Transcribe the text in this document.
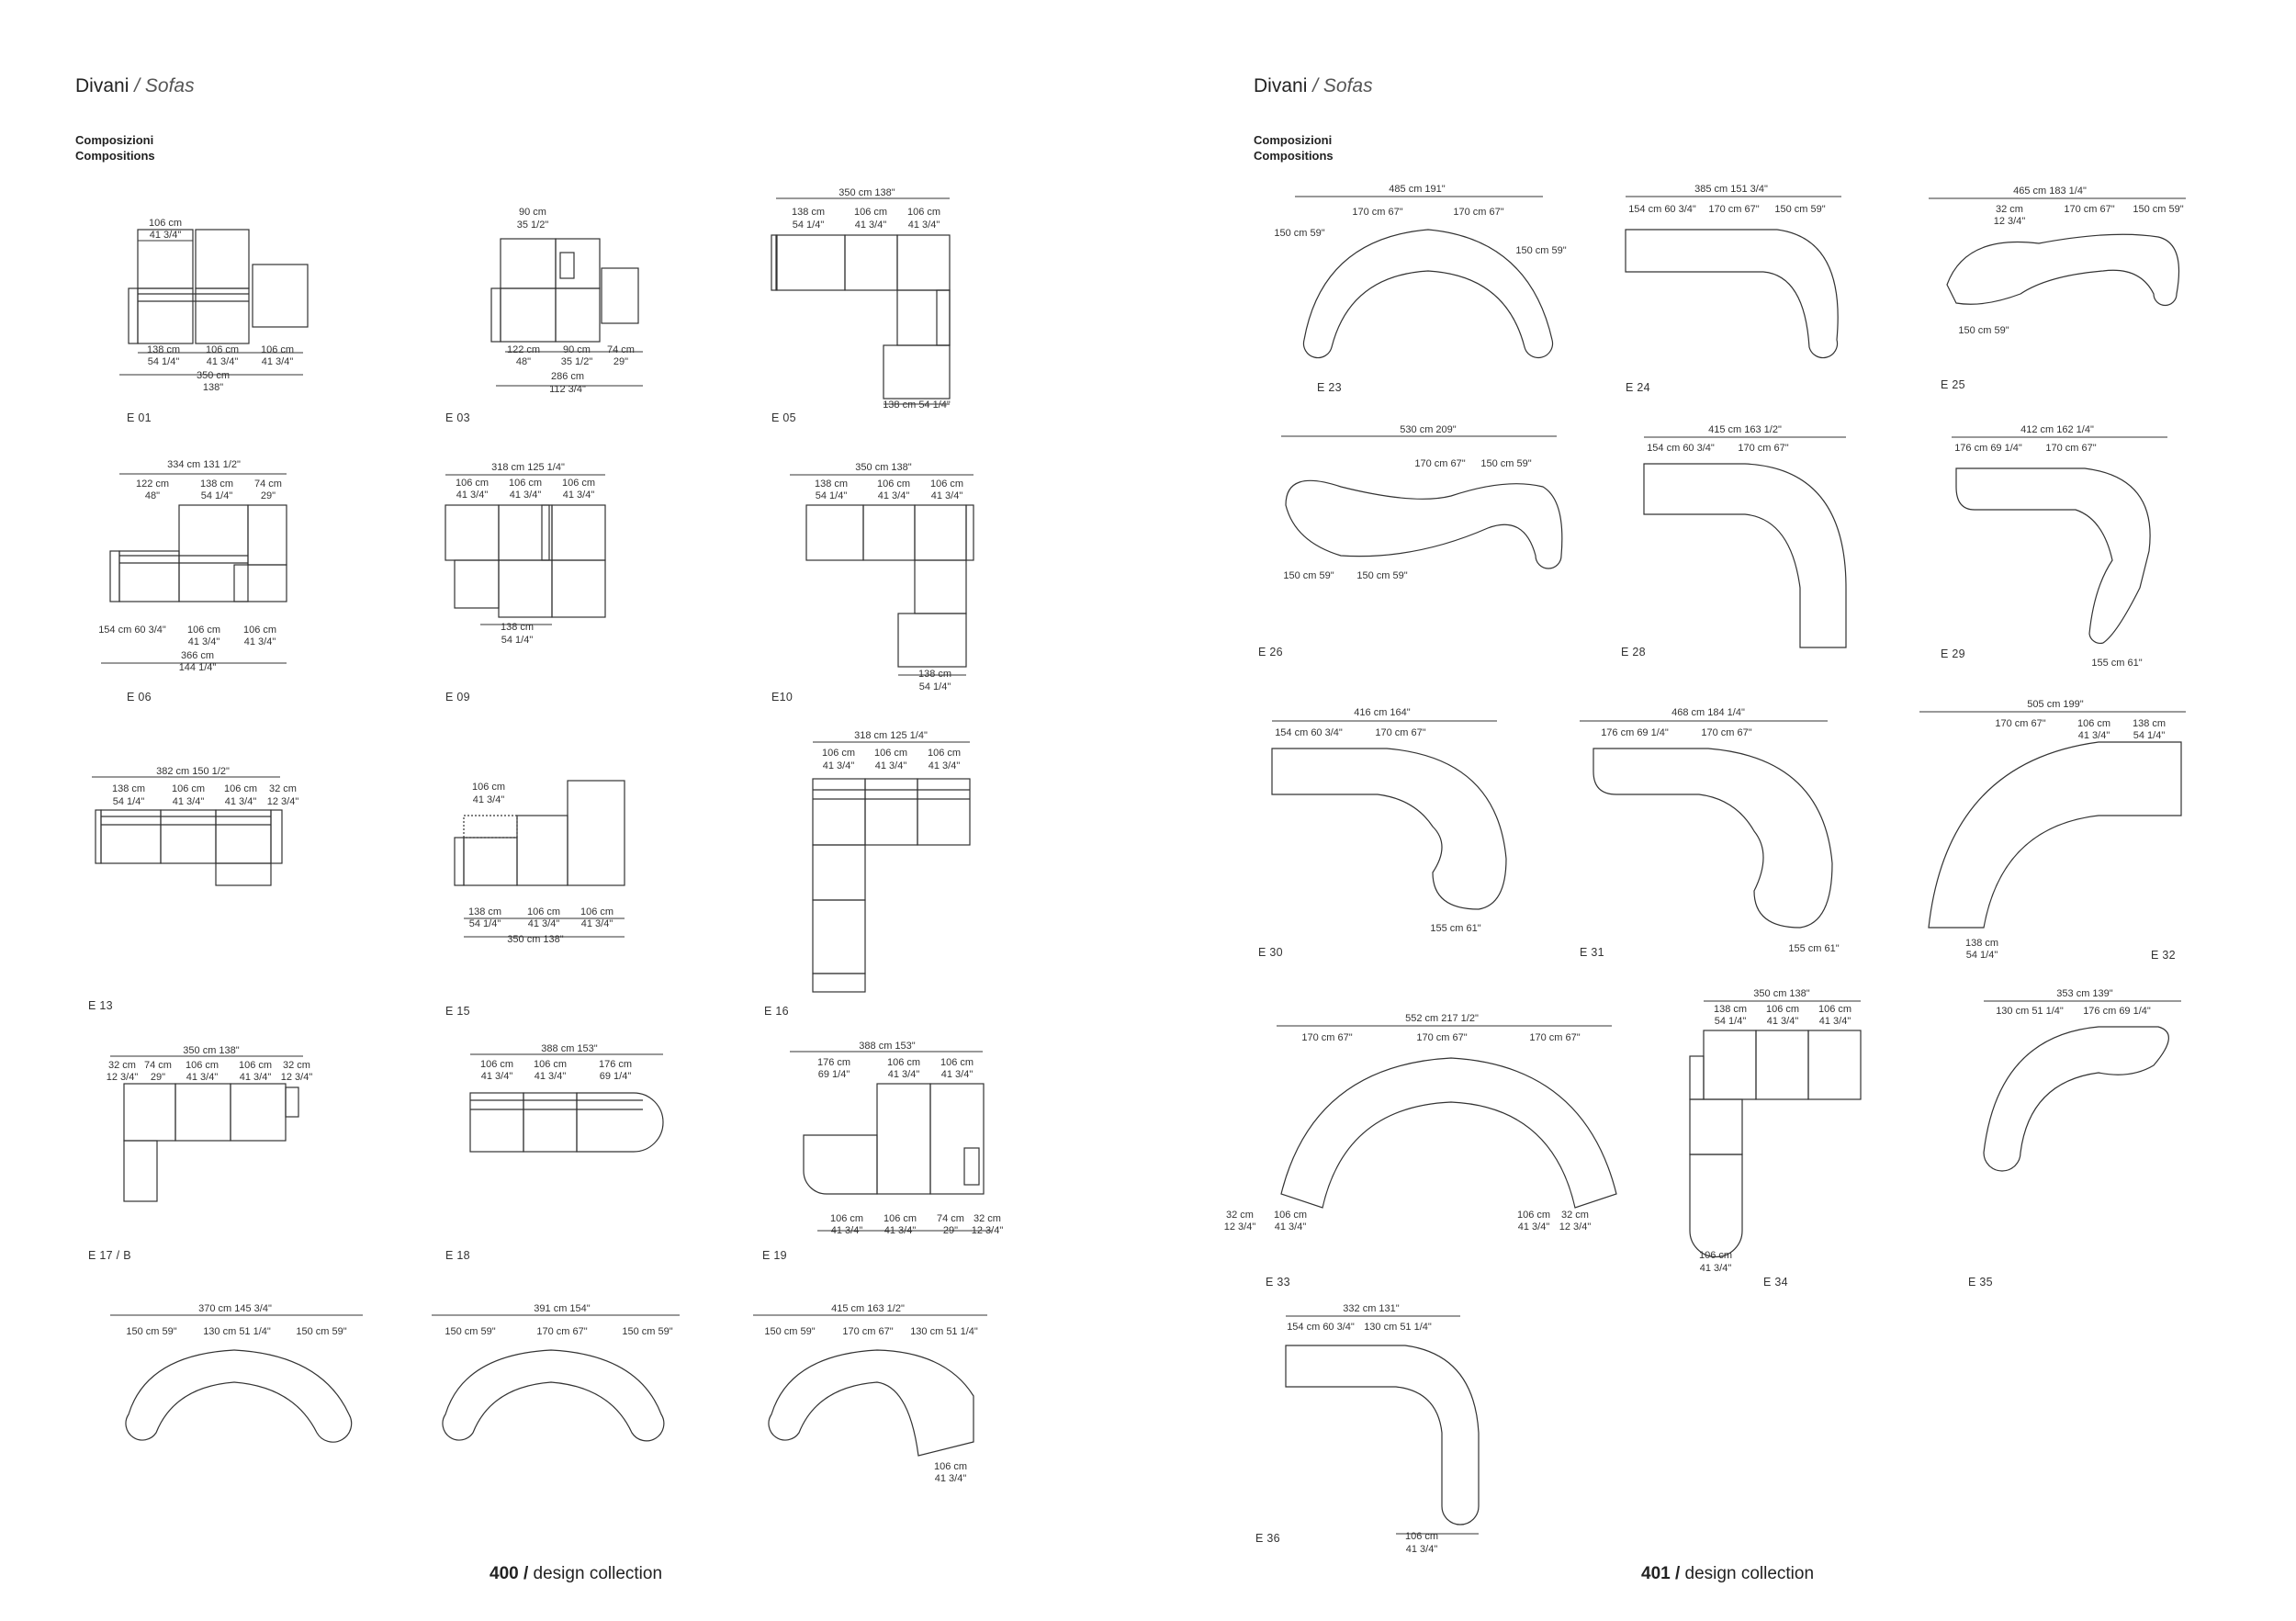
Divani / Sofas
Composizioni
Compositions
400 / design collection
Divani / Sofas
Composizioni
Compositions
401 / design collection
E 01	E 03	E 05
E 06	E 09	E10
E 13	E 15	E 16
E 17 / B	E 18	E 19
E 23	E 24	E 25
E 26	E 28	E 29
E 30	E 31	E 32
E 33	E 34	E 35
E 36
106 cm
41 3/4"
138 cm
54 1/4"
106 cm
41 3/4"
106 cm
41 3/4"
350 cm
138"
90 cm
35 1/2"
122 cm
48"
90 cm
35 1/2"
74 cm
29"
286 cm
112 3/4"
350 cm 138"
138 cm
54 1/4"
106 cm
41 3/4"
106 cm
41 3/4"
138 cm 54 1/4"
334 cm 131 1/2"
122 cm
48"
138 cm
54 1/4"
74 cm
29"
154 cm 60 3/4" 106 cm
41 3/4"
106 cm
41 3/4"
366 cm
144 1/4"
318 cm 125 1/4"
106 cm
41 3/4"
106 cm
41 3/4"
106 cm
41 3/4"
138 cm
54 1/4"
350 cm 138"
138 cm
54 1/4"
106 cm
41 3/4"
106 cm
41 3/4"
138 cm
54 1/4"
382 cm 150 1/2"
138 cm
54 1/4"
106 cm
41 3/4"
106 cm
41 3/4"
32 cm
12 3/4"
106 cm
41 3/4"
138 cm
54 1/4"
106 cm
41 3/4"
106 cm
41 3/4"
350 cm 138"
318 cm 125 1/4"
106 cm
41 3/4"
106 cm
41 3/4"
106 cm
41 3/4"
350 cm 138"
32 cm
12 3/4"
74 cm
29"
106 cm
41 3/4"
106 cm
41 3/4"
32 cm
12 3/4"
388 cm 153"
106 cm
41 3/4"
106 cm
41 3/4"
176 cm
69 1/4"
388 cm 153"
176 cm
69 1/4"
106 cm
41 3/4"
106 cm
41 3/4"
106 cm
41 3/4"
106 cm
41 3/4"
74 cm
29"
32 cm
12 3/4"
370 cm 145 3/4"
150 cm 59"	130 cm 51 1/4"	150 cm 59"
391 cm 154"
150 cm 59"	170 cm 67"	150 cm 59"
415 cm 163 1/2"
150 cm 59"	170 cm 67" 130 cm 51 1/4"
106 cm
41 3/4"
485 cm 191"
170 cm 67"	170 cm 67"
150 cm 59"
150 cm 59"
385 cm 151 3/4"
154 cm 60 3/4" 170 cm 67" 150 cm 59"
465 cm 183 1/4"
32 cm
12 3/4"
170 cm 67" 150 cm 59"
150 cm 59"
530 cm 209"
170 cm 67" 150 cm 59"
150 cm 59" 150 cm 59"
415 cm 163 1/2"
154 cm 60 3/4" 170 cm 67"
412 cm 162 1/4"
176 cm 69 1/4" 170 cm 67"
155 cm 61"
416 cm 164"
154 cm 60 3/4"	170 cm 67"
155 cm 61"
468 cm 184 1/4"
176 cm 69 1/4"	170 cm 67"
155 cm 61"
505 cm 199"
170 cm 67"	106 cm
41 3/4"
138 cm
54 1/4"
138 cm
54 1/4"
552 cm 217 1/2"
170 cm 67"	170 cm 67"	170 cm 67"
32 cm
12 3/4"
106 cm
41 3/4"
106 cm
41 3/4"
32 cm
12 3/4"
350 cm 138"
138 cm
54 1/4"
106 cm
41 3/4"
106 cm
41 3/4"
106 cm
41 3/4"
353 cm 139"
130 cm 51 1/4" 176 cm 69 1/4"
332 cm 131"
154 cm 60 3/4" 130 cm 51 1/4"
106 cm
41 3/4"
